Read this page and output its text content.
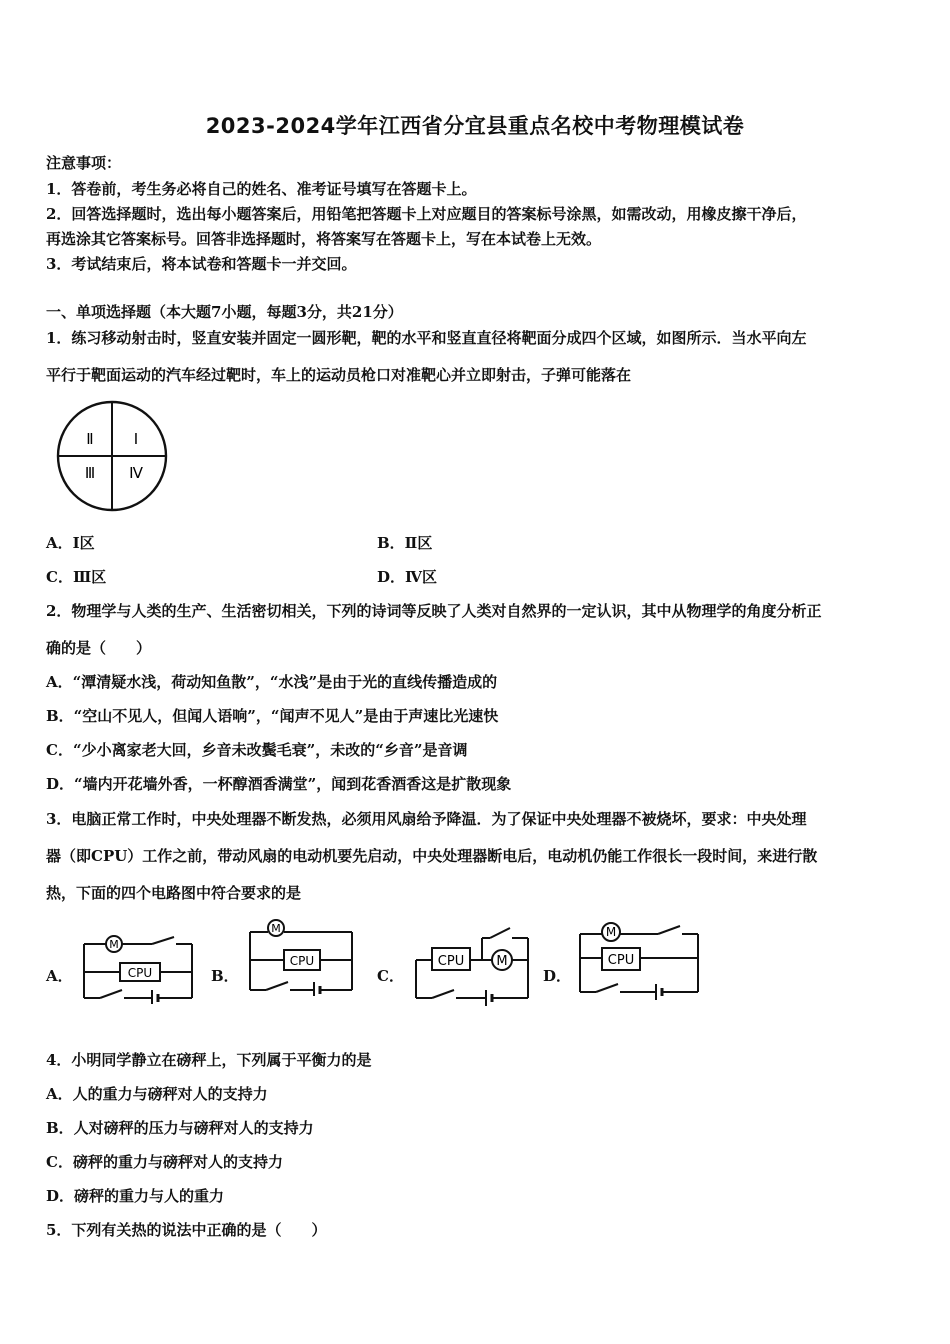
2023-2024学年江西省分宜县重点名校中考物理模试卷
注意事项：
1．答卷前，考生务必将自己的姓名、准考证号填写在答题卡上。
2．回答选择题时，选出每小题答案后，用铅笔把答题卡上对应题目的答案标号涂黑，如需改动，用橡皮擦干净后，
再选涂其它答案标号。回答非选择题时，将答案写在答题卡上，写在本试卷上无效。
3．考试结束后，将本试卷和答题卡一并交回。
一、单项选择题（本大题7小题，每题3分，共21分）
1．练习移动射击时，竖直安装并固定一圆形靶，靶的水平和竖直直径将靶面分成四个区域，如图所示．当水平向左
平行于靶面运动的汽车经过靶时，车上的运动员枪口对准靶心并立即射击，子弹可能落在
Ⅱ	Ⅰ
Ⅲ Ⅳ
A．Ⅰ区	B．Ⅱ区
C．Ⅲ区	D．Ⅳ区
2．物理学与人类的生产、生活密切相关，下列的诗词等反映了人类对自然界的一定认识，其中从物理学的角度分析正
确的是（　　）
A．“潭清疑水浅，荷动知鱼散”，“水浅”是由于光的直线传播造成的
B．“空山不见人，但闻人语响”，“闻声不见人”是由于声速比光速快
C．“少小离家老大回，乡音未改鬓毛衰”，未改的“乡音”是音调
D．“墙内开花墙外香，一杯醇酒香满堂”，闻到花香酒香这是扩散现象
3．电脑正常工作时，中央处理器不断发热，必须用风扇给予降温．为了保证中央处理器不被烧坏，要求：中央处理
器（即CPU）工作之前，带动风扇的电动机要先启动，中央处理器断电后，电动机仍能工作很长一段时间，来进行散
热，下面的四个电路图中符合要求的是
A．	B．	C．	D．
M
CPU
M
CPU	CPU M
M
CPU
4．小明同学静立在磅秤上，下列属于平衡力的是
A．人的重力与磅秤对人的支持力
B．人对磅秤的压力与磅秤对人的支持力
C．磅秤的重力与磅秤对人的支持力
D．磅秤的重力与人的重力
5．下列有关热的说法中正确的是（　　）
